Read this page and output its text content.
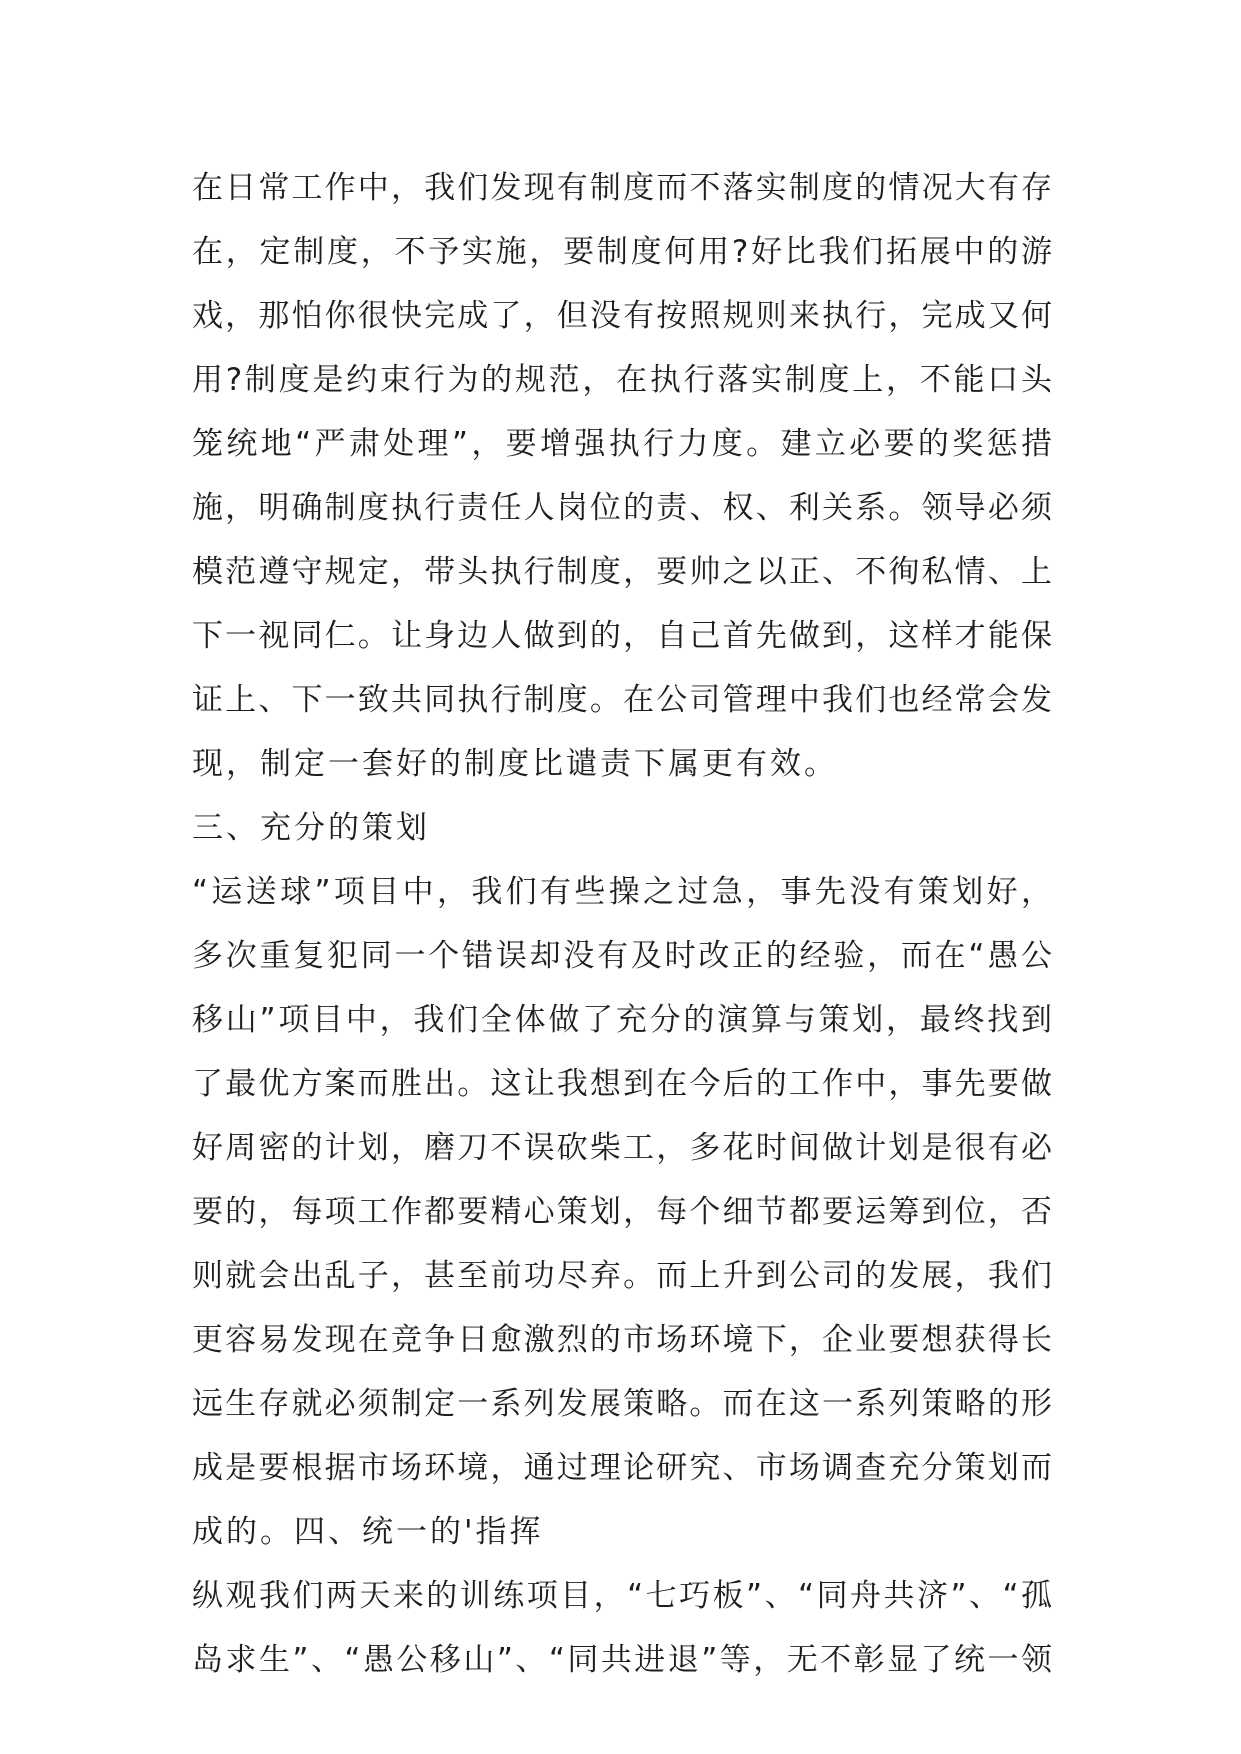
在日常工作中，我们发现有制度而不落实制度的情况大有存
在，定制度，不予实施，要制度何用?好比我们拓展中的游
戏，那怕你很快完成了，但没有按照规则来执行，完成又何
用?制度是约束行为的规范，在执行落实制度上，不能口头
笼统地“严肃处理”，要增强执行力度。建立必要的奖惩措
施，明确制度执行责任人岗位的责、权、利关系。领导必须
模范遵守规定，带头执行制度，要帅之以正、不徇私情、上
下一视同仁。让身边人做到的，自己首先做到，这样才能保
证上、下一致共同执行制度。在公司管理中我们也经常会发
现，制定一套好的制度比谴责下属更有效。
三、充分的策划
“运送球”项目中，我们有些操之过急，事先没有策划好，
多次重复犯同一个错误却没有及时改正的经验，而在“愚公
移山”项目中，我们全体做了充分的演算与策划，最终找到
了最优方案而胜出。这让我想到在今后的工作中，事先要做
好周密的计划，磨刀不误砍柴工，多花时间做计划是很有必
要的，每项工作都要精心策划，每个细节都要运筹到位，否
则就会出乱子，甚至前功尽弃。而上升到公司的发展，我们
更容易发现在竞争日愈激烈的市场环境下，企业要想获得长
远生存就必须制定一系列发展策略。而在这一系列策略的形
成是要根据市场环境，通过理论研究、市场调查充分策划而
成的。四、统一的'指挥
纵观我们两天来的训练项目，“七巧板”、“同舟共济”、“孤
岛求生”、“愚公移山”、“同共进退”等，无不彰显了统一领
